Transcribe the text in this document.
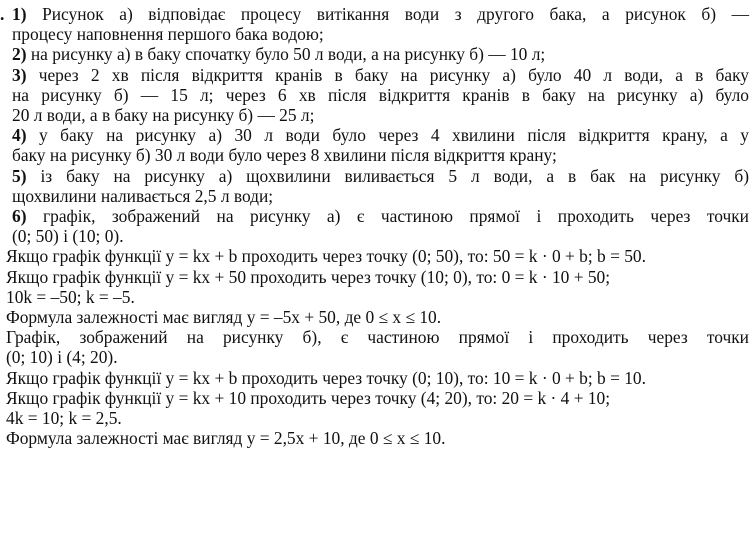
. 1) Рисунок а) відповідає процесу витікання води з другого бака, а рисунок б) —
процесу наповнення першого бака водою;
2) на рисунку а) в баку спочатку було 50 л води, а на рисунку б) — 10 л;
3) через 2 хв після відкриття кранів в баку на рисунку а) було 40 л води, а в баку
на рисунку б) — 15 л; через 6 хв після відкриття кранів в баку на рисунку а) було
20 л води, а в баку на рисунку б) — 25 л;
4) у баку на рисунку а) 30 л води було через 4 хвилини після відкриття крану, а у
баку на рисунку б) 30 л води було через 8 хвилини після відкриття крану;
5) із баку на рисунку а) щохвилини виливається 5 л води, а в бак на рисунку б)
щохвилини наливається 2,5 л води;
6) графік, зображений на рисунку а) є частиною прямої і проходить через точки
(0; 50) і (10; 0).
Якщо графік функції y = kx + b проходить через точку (0; 50), то: 50 = k · 0 + b; b = 50.
Якщо графік функції y = kx + 50 проходить через точку (10; 0), то: 0 = k · 10 + 50;
10k = –50; k = –5.
Формула залежності має вигляд y = –5x + 50, де 0 ≤ x ≤ 10.
Графік, зображений на рисунку б), є частиною прямої і проходить через точки
(0; 10) і (4; 20).
Якщо графік функції y = kx + b проходить через точку (0; 10), то: 10 = k · 0 + b; b = 10.
Якщо графік функції y = kx + 10 проходить через точку (4; 20), то: 20 = k · 4 + 10;
4k = 10; k = 2,5.
Формула залежності має вигляд y = 2,5x + 10, де 0 ≤ x ≤ 10.
